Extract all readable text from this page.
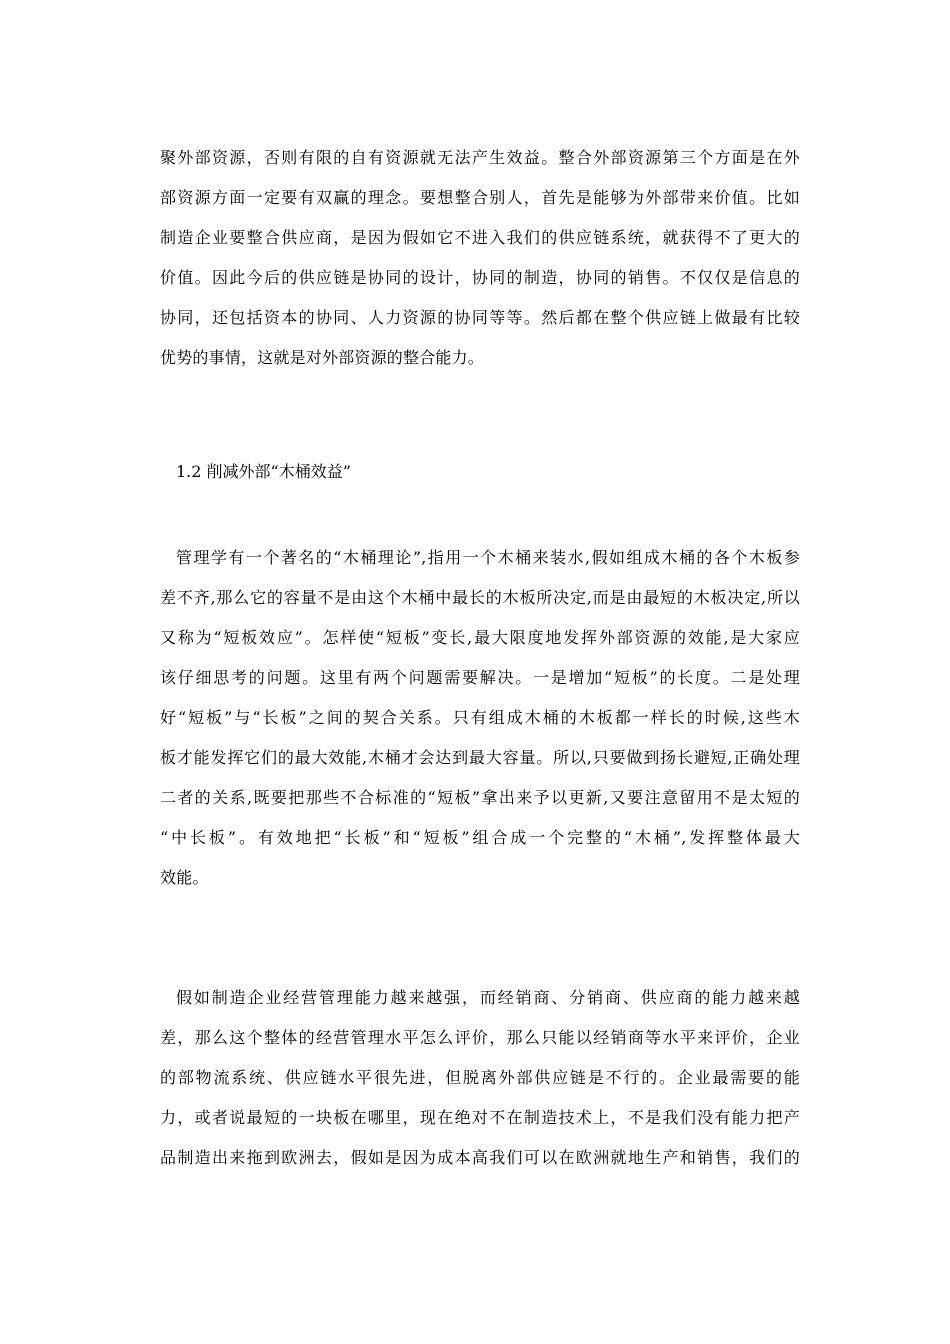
聚外部资源，否则有限的自有资源就无法产生效益。整合外部资源第三个方面是在外
部资源方面一定要有双赢的理念。要想整合别人，首先是能够为外部带来价值。比如
制造企业要整合供应商，是因为假如它不进入我们的供应链系统，就获得不了更大的
价值。因此今后的供应链是协同的设计，协同的制造，协同的销售。不仅仅是信息的
协同，还包括资本的协同、人力资源的协同等等。然后都在整个供应链上做最有比较
优势的事情，这就是对外部资源的整合能力。
1.2 削减外部“木桶效益”
管理学有一个著名的“木桶理论”,指用一个木桶来装水,假如组成木桶的各个木板参
差不齐,那么它的容量不是由这个木桶中最长的木板所决定,而是由最短的木板决定,所以
又称为“短板效应”。怎样使“短板”变长,最大限度地发挥外部资源的效能,是大家应
该仔细思考的问题。这里有两个问题需要解决。一是增加“短板”的长度。二是处理
好“短板”与“长板”之间的契合关系。只有组成木桶的木板都一样长的时候,这些木
板才能发挥它们的最大效能,木桶才会达到最大容量。所以,只要做到扬长避短,正确处理
二者的关系,既要把那些不合标准的“短板”拿出来予以更新,又要注意留用不是太短的
“中长板”。有效地把“长板”和“短板”组合成一个完整的“木桶”,发挥整体最大
效能。
假如制造企业经营管理能力越来越强，而经销商、分销商、供应商的能力越来越
差，那么这个整体的经营管理水平怎么评价，那么只能以经销商等水平来评价，企业
的部物流系统、供应链水平很先进，但脱离外部供应链是不行的。企业最需要的能
力，或者说最短的一块板在哪里，现在绝对不在制造技术上，不是我们没有能力把产
品制造出来拖到欧洲去，假如是因为成本高我们可以在欧洲就地生产和销售，我们的
